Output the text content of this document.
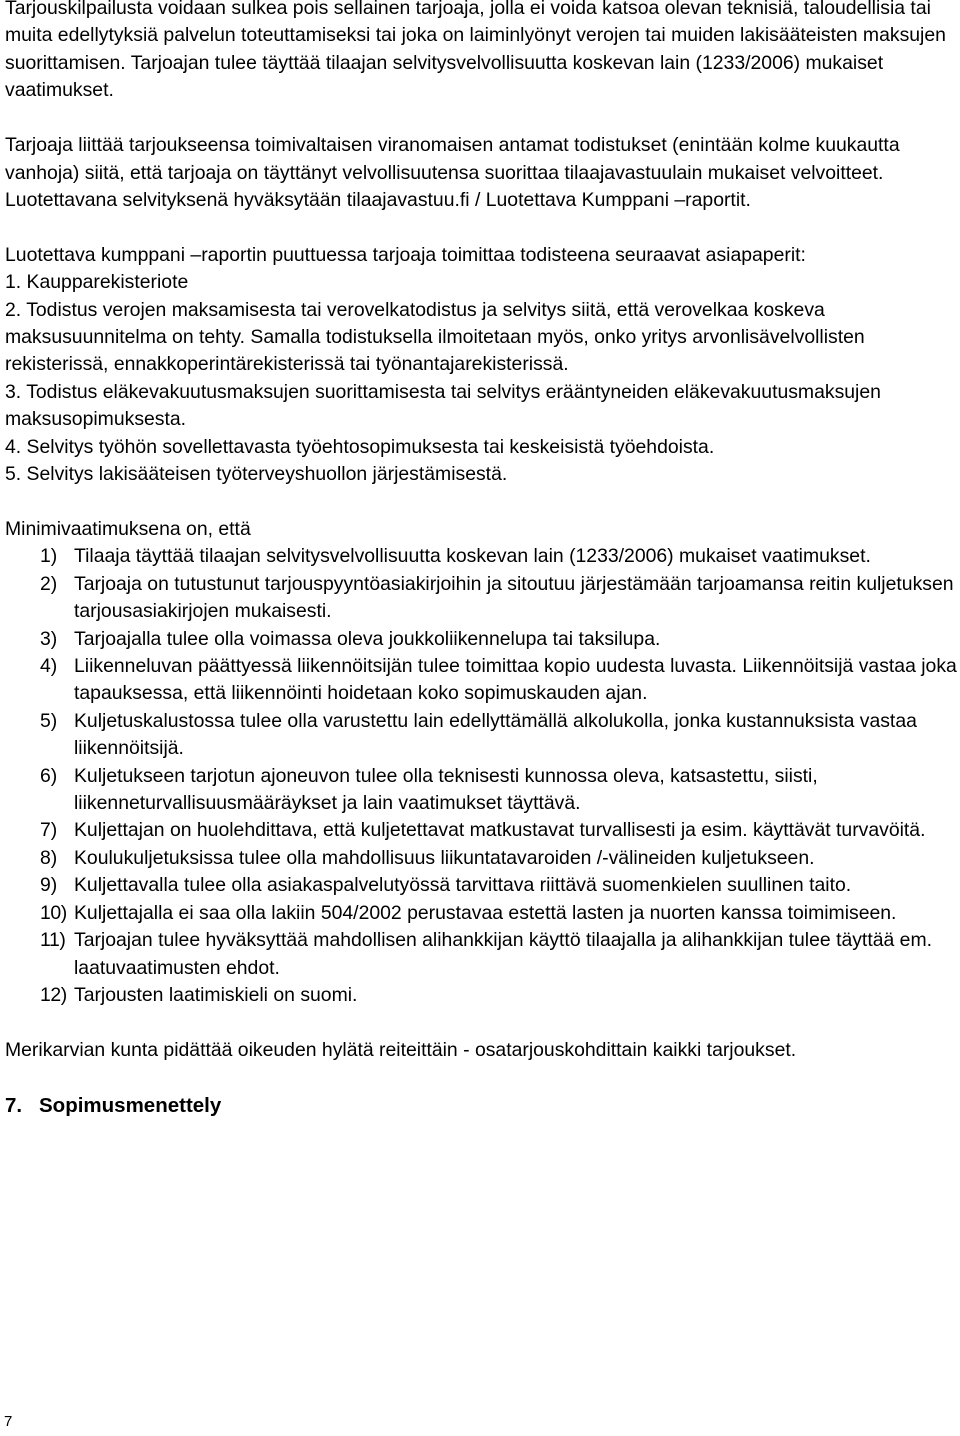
Tarjouskilpailusta voidaan sulkea pois sellainen tarjoaja, jolla ei voida katsoa olevan teknisiä, taloudellisia tai muita edellytyksiä palvelun toteuttamiseksi tai joka on laiminlyönyt verojen tai muiden lakisääteisten maksujen suorittamisen. Tarjoajan tulee täyttää tilaajan selvitysvelvollisuutta koskevan lain (1233/2006) mukaiset vaatimukset.

Tarjoaja liittää tarjoukseensa toimivaltaisen viranomaisen antamat todistukset (enintään kolme kuukautta vanhoja) siitä, että tarjoaja on täyttänyt velvollisuutensa suorittaa tilaajavastuulain mukaiset velvoitteet. Luotettavana selvityksenä hyväksytään tilaajavastuu.fi / Luotettava Kumppani –raportit.

Luotettava kumppani –raportin puuttuessa tarjoaja toimittaa todisteena seuraavat asiapaperit:

1. Kaupparekisteriote

2. Todistus verojen maksamisesta tai verovelkatodistus ja selvitys siitä, että verovelkaa koskeva maksusuunnitelma on tehty. Samalla todistuksella ilmoitetaan myös, onko yritys arvonlisävelvollisten rekisterissä, ennakkoperintärekisterissä tai työnantajarekisterissä.

3. Todistus eläkevakuutusmaksujen suorittamisesta tai selvitys erääntyneiden eläkevakuutusmaksujen maksusopimuksesta.

4. Selvitys työhön sovellettavasta työehtosopimuksesta tai keskeisistä työehdoista.

5. Selvitys lakisääteisen työterveyshuollon järjestämisestä.

Minimivaatimuksena on, että

1) Tilaaja täyttää tilaajan selvitysvelvollisuutta koskevan lain (1233/2006) mukaiset vaatimukset.
2) Tarjoaja on tutustunut tarjouspyyntöasiakirjoihin ja sitoutuu järjestämään tarjoamansa reitin kuljetuksen tarjousasiakirjojen mukaisesti.
3) Tarjoajalla tulee olla voimassa oleva joukkoliikennelupa tai taksilupa.
4) Liikenneluvan päättyessä liikennöitsijän tulee toimittaa kopio uudesta luvasta. Liikennöitsijä vastaa joka tapauksessa, että liikennöinti hoidetaan koko sopimuskauden ajan.
5) Kuljetuskalustossa tulee olla varustettu lain edellyttämällä alkolukolla, jonka kustannuksista vastaa liikennöitsijä.
6) Kuljetukseen tarjotun ajoneuvon tulee olla teknisesti kunnossa oleva, katsastettu, siisti, liikenneturvallisuusmääräykset ja lain vaatimukset täyttävä.
7) Kuljettajan on huolehdittava, että kuljetettavat matkustavat turvallisesti ja esim. käyttävät turvavöitä.
8) Koulukuljetuksissa tulee olla mahdollisuus liikuntatavaroiden /-välineiden kuljetukseen.
9) Kuljettavalla tulee olla asiakaspalvelutyössä tarvittava riittävä suomenkielen suullinen taito.
10) Kuljettajalla ei saa olla lakiin 504/2002 perustavaa estettä lasten ja nuorten kanssa toimimiseen.
11) Tarjoajan tulee hyväksyttää mahdollisen alihankkijan käyttö tilaajalla ja alihankkijan tulee täyttää em. laatuvaatimusten ehdot.
12) Tarjousten laatimiskieli on suomi.

Merikarvian kunta pidättää oikeuden hylätä reiteittäin - osatarjouskohdittain kaikki tarjoukset.

7. Sopimusmenettely
7
